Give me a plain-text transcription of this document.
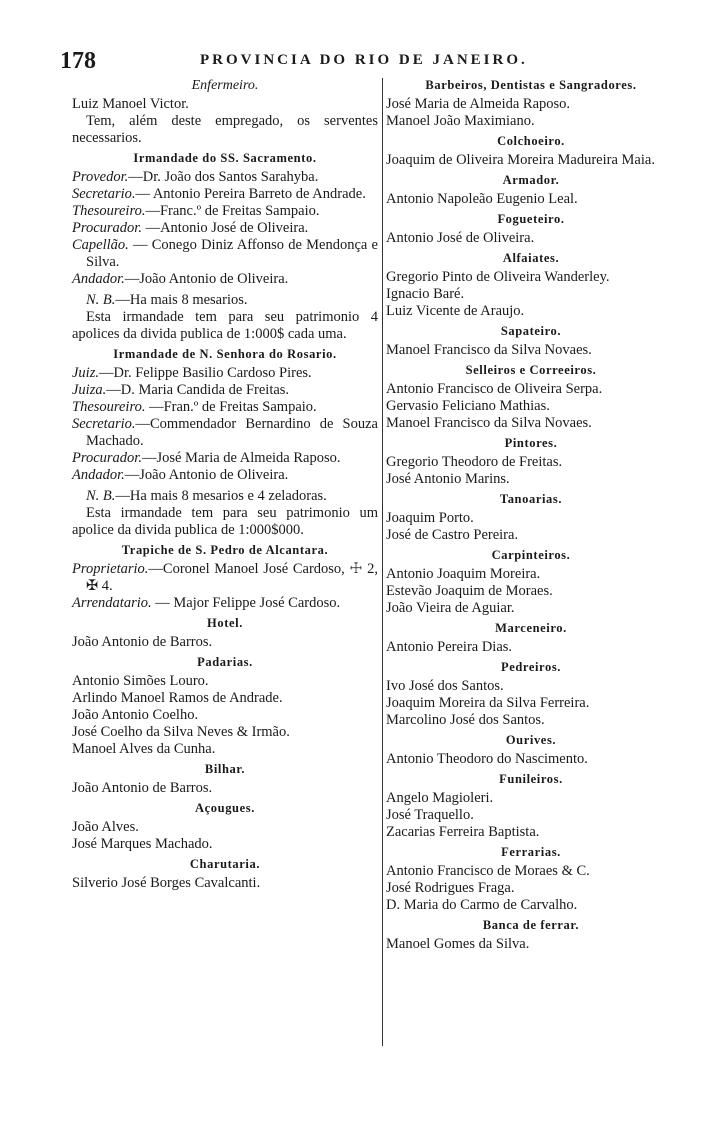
178	PROVINCIA DO RIO DE JANEIRO.
Enfermeiro.
Luiz Manoel Victor.
Tem, além deste empregado, os serventes necessarios.
Irmandade do SS. Sacramento.
Provedor.—Dr. João dos Santos Sarahyba.
Secretario.— Antonio Pereira Barreto de Andrade.
Thesoureiro.—Franc.º de Freitas Sampaio.
Procurador. —Antonio José de Oliveira.
Capellão. — Conego Diniz Affonso de Mendonça e Silva.
Andador.—João Antonio de Oliveira.
N. B.—Ha mais 8 mesarios.
Esta irmandade tem para seu patrimonio 4 apolices da divida publica de 1:000$ cada uma.
Irmandade de N. Senhora do Rosario.
Juiz.—Dr. Felippe Basilio Cardoso Pires.
Juiza.—D. Maria Candida de Freitas.
Thesoureiro. —Fran.º de Freitas Sampaio.
Secretario.—Commendador Bernardino de Souza Machado.
Procurador.—José Maria de Almeida Raposo.
Andador.—João Antonio de Oliveira.
N. B.—Ha mais 8 mesarios e 4 zeladoras.
Esta irmandade tem para seu patrimonio um apolice da divida publica de 1:000$000.
Trapiche de S. Pedro de Alcantara.
Proprietario.—Coronel Manoel José Cardoso, ☩ 2, ✠ 4.
Arrendatario. — Major Felippe José Cardoso.
Hotel.
João Antonio de Barros.
Padarias.
Antonio Simões Louro.
Arlindo Manoel Ramos de Andrade.
João Antonio Coelho.
José Coelho da Silva Neves & Irmão.
Manoel Alves da Cunha.
Bilhar.
João Antonio de Barros.
Açougues.
João Alves.
José Marques Machado.
Charutaria.
Silverio José Borges Cavalcanti.
Barbeiros, Dentistas e Sangradores.
José Maria de Almeida Raposo.
Manoel João Maximiano.
Colchoeiro.
Joaquim de Oliveira Moreira Madureira Maia.
Armador.
Antonio Napoleão Eugenio Leal.
Fogueteiro.
Antonio José de Oliveira.
Alfaiates.
Gregorio Pinto de Oliveira Wanderley.
Ignacio Baré.
Luiz Vicente de Araujo.
Sapateiro.
Manoel Francisco da Silva Novaes.
Selleiros e Correeiros.
Antonio Francisco de Oliveira Serpa.
Gervasio Feliciano Mathias.
Manoel Francisco da Silva Novaes.
Pintores.
Gregorio Theodoro de Freitas.
José Antonio Marins.
Tanoarias.
Joaquim Porto.
José de Castro Pereira.
Carpinteiros.
Antonio Joaquim Moreira.
Estevão Joaquim de Moraes.
João Vieira de Aguiar.
Marceneiro.
Antonio Pereira Dias.
Pedreiros.
Ivo José dos Santos.
Joaquim Moreira da Silva Ferreira.
Marcolino José dos Santos.
Ourives.
Antonio Theodoro do Nascimento.
Funileiros.
Angelo Magioleri.
José Traquello.
Zacarias Ferreira Baptista.
Ferrarias.
Antonio Francisco de Moraes & C.
José Rodrigues Fraga.
D. Maria do Carmo de Carvalho.
Banca de ferrar.
Manoel Gomes da Silva.
